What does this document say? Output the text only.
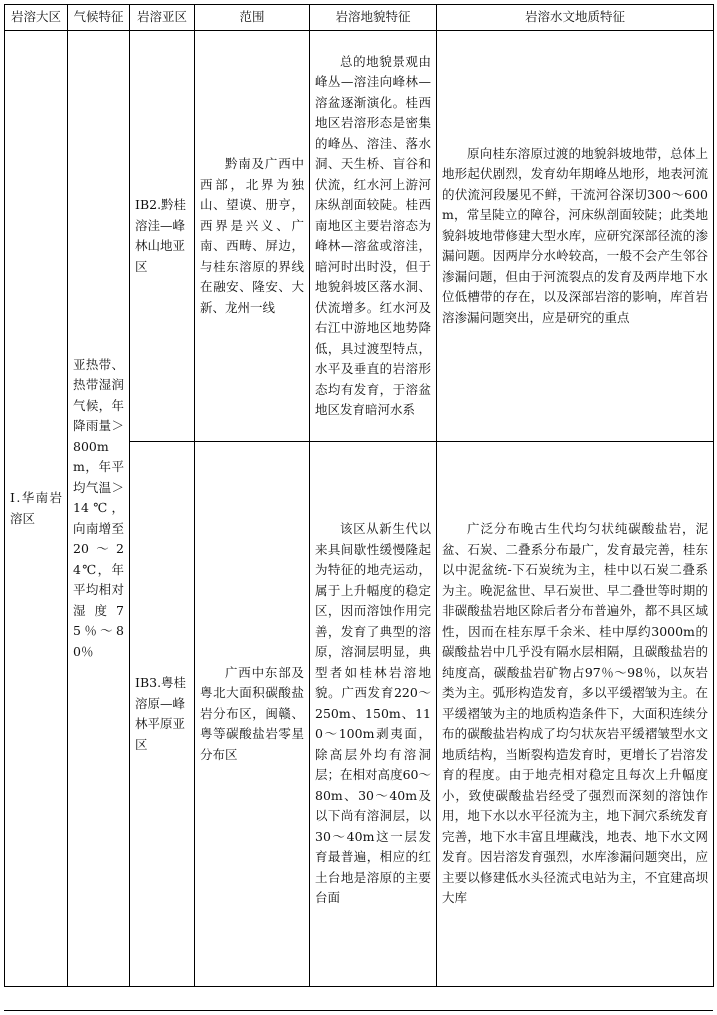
岩溶大区	气候特征	岩溶亚区	范围	岩溶地貌特征	岩溶水文地质特征
Ⅰ.华南岩溶区	亚热带、热带湿润气候，年降雨量＞800mm，年平均气温＞14℃，向南增至20～24℃，年平均相对湿度75％～80％	ⅠB2.黔桂溶洼—峰林山地亚区	黔南及广西中西部，北界为独山、望谟、册亨，西界是兴义、广南、西畴、屏边，与桂东溶原的界线在融安、隆安、大新、龙州一线	总的地貌景观由峰丛—溶洼向峰林—溶盆逐渐演化。桂西地区岩溶形态是密集的峰丛、溶洼、落水洞、天生桥、盲谷和伏流，红水河上游河床纵剖面较陡。桂西南地区主要岩溶态为峰林—溶盆或溶洼，暗河时出时没，但于地貌斜坡区落水洞、伏流增多。红水河及右江中游地区地势降低，具过渡型特点，水平及垂直的岩溶形态均有发育，于溶盆地区发育暗河水系	原向桂东溶原过渡的地貌斜坡地带，总体上地形起伏剧烈，发育幼年期峰丛地形，地表河流的伏流河段屡见不鲜，干流河谷深切300～600m，常呈陡立的障谷，河床纵剖面较陡；此类地貌斜坡地带修建大型水库，应研究深部径流的渗漏问题。因两岸分水岭较高，一般不会产生邻谷渗漏问题，但由于河流裂点的发育及两岸地下水位低槽带的存在，以及深部岩溶的影响，库首岩溶渗漏问题突出，应是研究的重点

		ⅠB3.粤桂溶原—峰林平原亚区	广西中东部及粤北大面积碳酸盐岩分布区，闽赣、粤等碳酸盐岩零星分布区	该区从新生代以来具间歇性缓慢隆起为特征的地壳运动，属于上升幅度的稳定区，因而溶蚀作用完善，发育了典型的溶原，溶洞层明显，典型者如桂林岩溶地貌。广西发育220～250m、150m、110～100m剥夷面，除高层外均有溶洞层；在相对高度60～80m、30～40m及以下尚有溶洞层，以30～40m这一层发育最普遍，相应的红土台地是溶原的主要台面	广泛分布晚古生代均匀状纯碳酸盐岩，泥盆、石炭、二叠系分布最广，发育最完善，桂东以中泥盆统-下石炭统为主，桂中以石炭二叠系为主。晚泥盆世、早石炭世、早二叠世等时期的非碳酸盐岩地区除后者分布普遍外，都不具区域性，因而在桂东厚千余米、桂中厚约3000m的碳酸盐岩中几乎没有隔水层相隔，且碳酸盐岩的纯度高，碳酸盐岩矿物占97％～98％，以灰岩类为主。弧形构造发育，多以平缓褶皱为主。在平缓褶皱为主的地质构造条件下，大面积连续分布的碳酸盐岩构成了均匀状灰岩平缓褶皱型水文地质结构，当断裂构造发育时，更增长了岩溶发育的程度。由于地壳相对稳定且每次上升幅度小，致使碳酸盐岩经受了强烈而深刻的溶蚀作用，地下水以水平径流为主，地下洞穴系统发育完善，地下水丰富且埋藏浅，地表、地下水文网发育。因岩溶发育强烈，水库渗漏问题突出，应主要以修建低水头径流式电站为主，不宜建高坝大库
